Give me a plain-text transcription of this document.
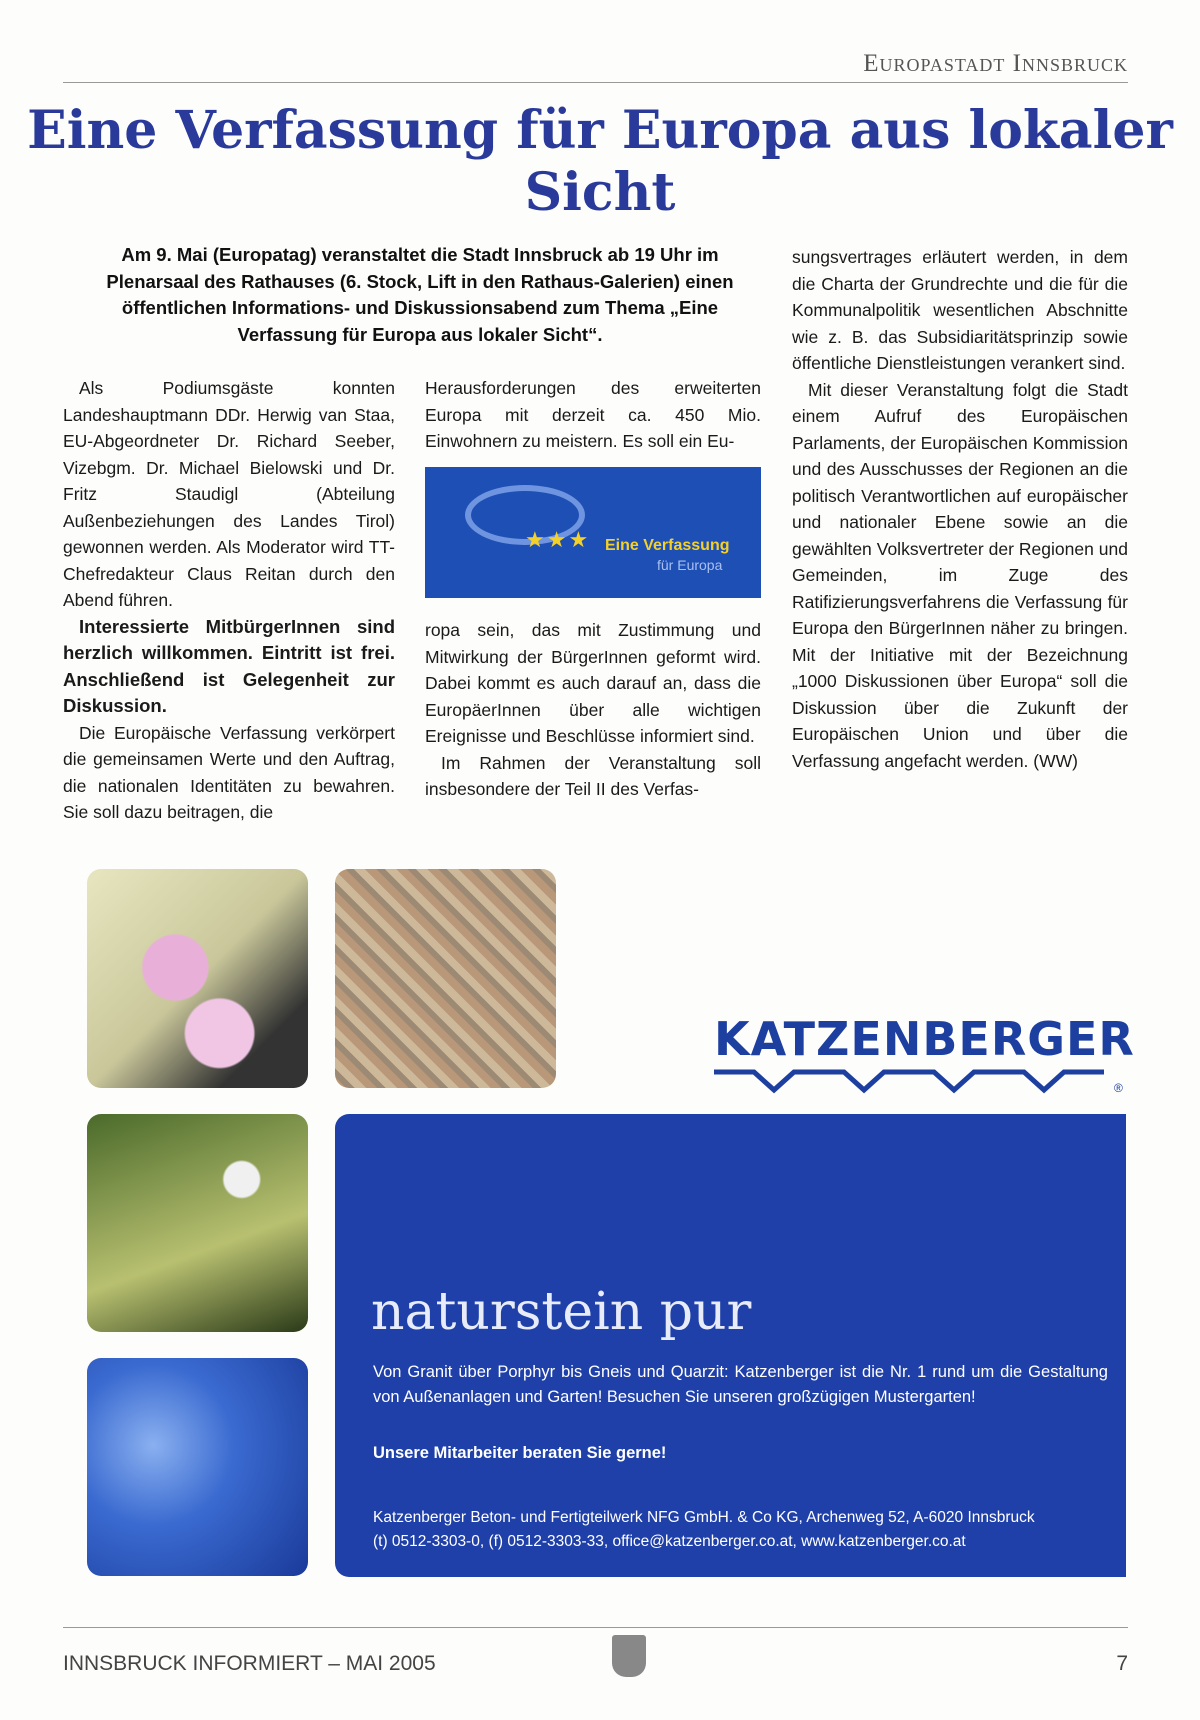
Europastadt Innsbruck
Eine Verfassung für Europa aus lokaler Sicht
Am 9. Mai (Europatag) veranstaltet die Stadt Innsbruck ab 19 Uhr im Plenarsaal des Rathauses (6. Stock, Lift in den Rathaus-Galerien) einen öffentlichen Informations- und Diskussionsabend zum Thema „Eine Verfassung für Europa aus lokaler Sicht“.

Als Podiumsgäste konnten Landeshauptmann DDr. Herwig van Staa, EU-Abgeordneter Dr. Richard Seeber, Vizebgm. Dr. Michael Bielowski und Dr. Fritz Staudigl (Abteilung Außenbeziehungen des Landes Tirol) gewonnen werden. Als Moderator wird TT-Chefredakteur Claus Reitan durch den Abend führen.

Interessierte MitbürgerInnen sind herzlich willkommen. Eintritt ist frei. Anschließend ist Gelegenheit zur Diskussion.

Die Europäische Verfassung verkörpert die gemeinsamen Werte und den Auftrag, die nationalen Identitäten zu bewahren. Sie soll dazu beitragen, die

Herausforderungen des erweiterten Europa mit derzeit ca. 450 Mio. Einwohnern zu meistern. Es soll ein Eu-

★★★ Eine Verfassung
für Europa

ropa sein, das mit Zustimmung und Mitwirkung der BürgerInnen geformt wird. Dabei kommt es auch darauf an, dass die EuropäerInnen über alle wichtigen Ereignisse und Beschlüsse informiert sind.

Im Rahmen der Veranstaltung soll insbesondere der Teil II des Verfas-

sungsvertrages erläutert werden, in dem die Charta der Grundrechte und die für die Kommunalpolitik wesentlichen Abschnitte wie z. B. das Subsidiaritätsprinzip sowie öffentliche Dienstleistungen verankert sind.

Mit dieser Veranstaltung folgt die Stadt einem Aufruf des Europäischen Parlaments, der Europäischen Kommission und des Ausschusses der Regionen an die politisch Verantwortlichen auf europäischer und nationaler Ebene sowie an die gewählten Volksvertreter der Regionen und Gemeinden, im Zuge des Ratifizierungsverfahrens die Verfassung für Europa den BürgerInnen näher zu bringen. Mit der Initiative mit der Bezeichnung „1000 Diskussionen über Europa“ soll die Diskussion über die Zukunft der Europäischen Union und über die Verfassung angefacht werden. (WW)

KATZENBERGER
®
naturstein pur
Von Granit über Porphyr bis Gneis und Quarzit: Katzenberger ist die Nr. 1 rund um die Gestaltung von Außenanlagen und Garten! Besuchen Sie unseren großzügigen Mustergarten!
Unsere Mitarbeiter beraten Sie gerne!
Katzenberger Beton- und Fertigteilwerk NFG GmbH. & Co KG, Archenweg 52, A-6020 Innsbruck
(t) 0512-3303-0, (f) 0512-3303-33, office@katzenberger.co.at, www.katzenberger.co.at
INNSBRUCK INFORMIERT – MAI 2005	7
